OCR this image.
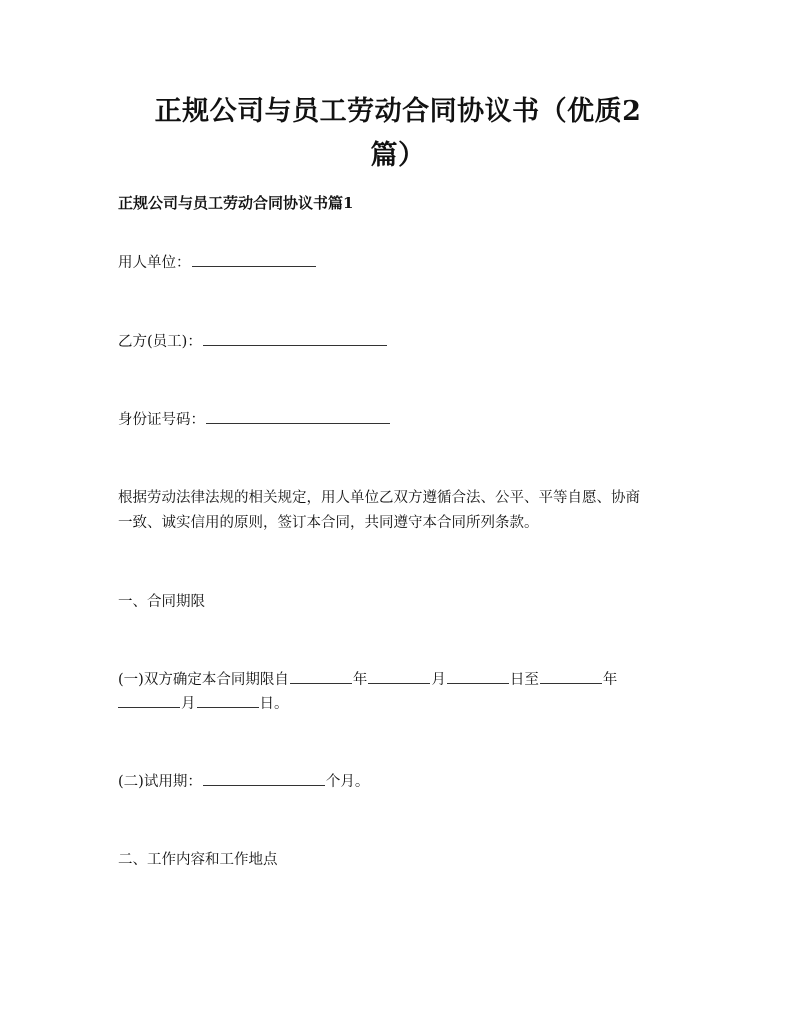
正规公司与员工劳动合同协议书（优质2
篇）
正规公司与员工劳动合同协议书篇1
用人单位：
乙方(员工)：
身份证号码：
根据劳动法律法规的相关规定，用人单位乙双方遵循合法、公平、平等自愿、协商
一致、诚实信用的原则，签订本合同，共同遵守本合同所列条款。
一、合同期限
(一)双方确定本合同期限自	年	月	日至	年
月	日。
(二)试用期：	个月。
二、工作内容和工作地点
